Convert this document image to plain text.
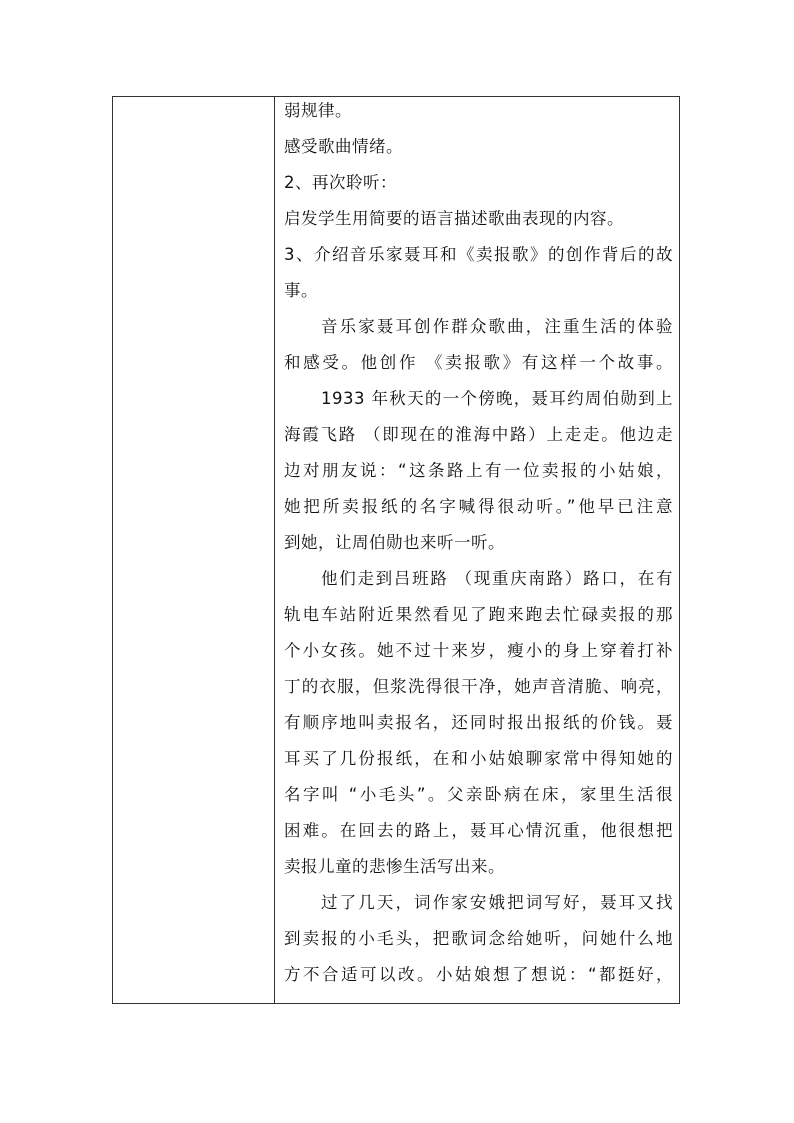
弱规律。
感受歌曲情绪。
2、再次聆听：
启发学生用简要的语言描述歌曲表现的内容。
3、介绍音乐家聂耳和《卖报歌》的创作背后的故
事。
音乐家聂耳创作群众歌曲，注重生活的体验
和感受。他创作 《卖报歌》有这样一个故事。
1933 年秋天的一个傍晚，聂耳约周伯勋到上
海霞飞路 （即现在的淮海中路）上走走。他边走
边对朋友说：“这条路上有一位卖报的小姑娘，
她把所卖报纸的名字喊得很动听。”他早已注意
到她，让周伯勋也来听一听。
他们走到吕班路 （现重庆南路）路口，在有
轨电车站附近果然看见了跑来跑去忙碌卖报的那
个小女孩。她不过十来岁，瘦小的身上穿着打补
丁的衣服，但浆洗得很干净，她声音清脆、响亮，
有顺序地叫卖报名，还同时报出报纸的价钱。聂
耳买了几份报纸，在和小姑娘聊家常中得知她的
名字叫 “小毛头”。父亲卧病在床，家里生活很
困难。在回去的路上，聂耳心情沉重，他很想把
卖报儿童的悲惨生活写出来。
过了几天，词作家安娥把词写好，聂耳又找
到卖报的小毛头，把歌词念给她听，问她什么地
方不合适可以改。小姑娘想了想说：“都挺好，
